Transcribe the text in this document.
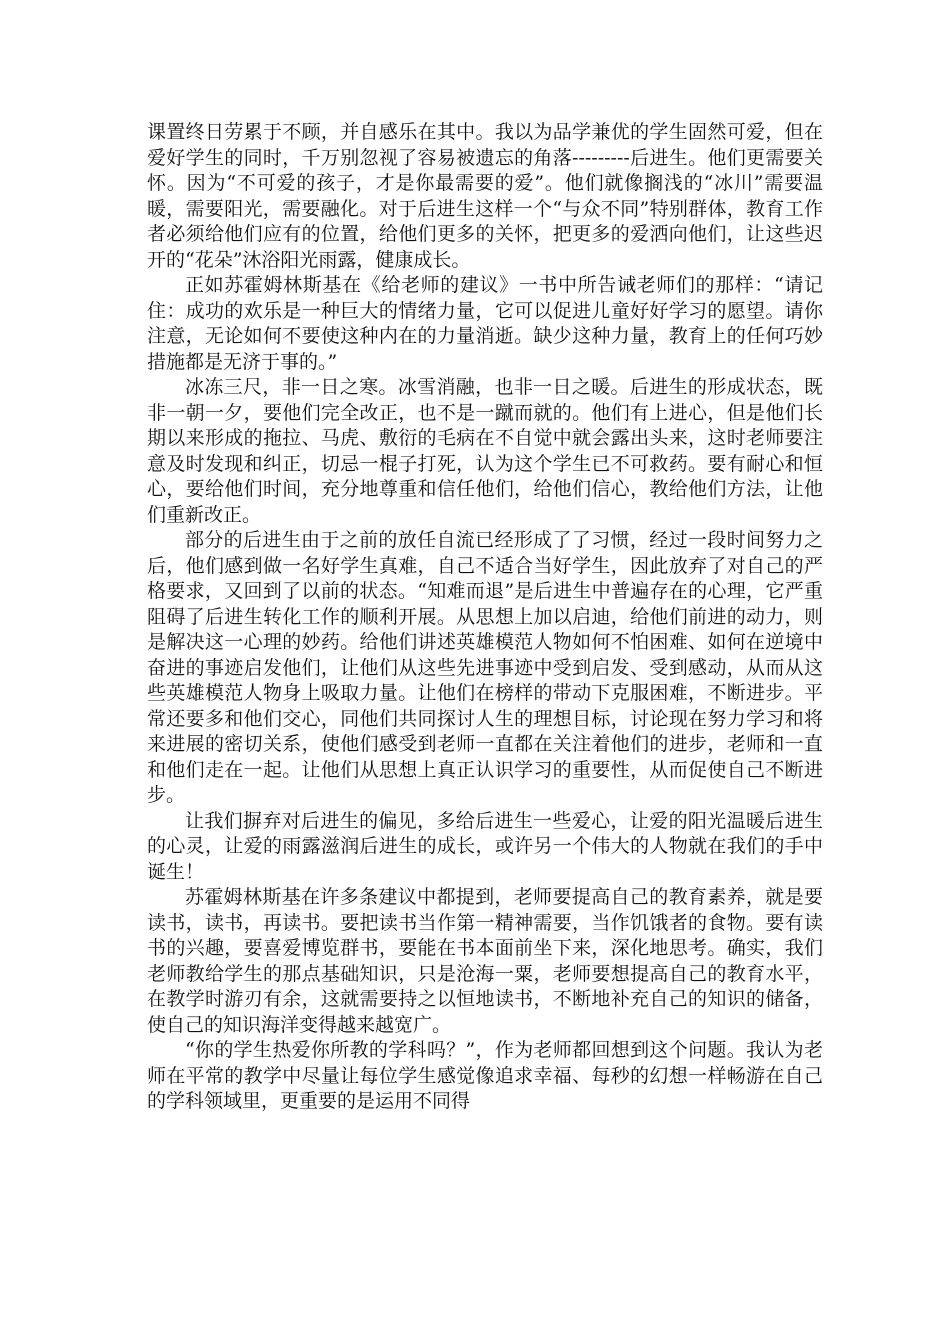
课置终日劳累于不顾，并自感乐在其中。我以为品学兼优的学生固然可爱，但在爱好学生的同时，千万别忽视了容易被遗忘的角落---------后进生。他们更需要关怀。因为“不可爱的孩子，才是你最需要的爱”。他们就像搁浅的“冰川”需要温暖，需要阳光，需要融化。对于后进生这样一个“与众不同”特别群体，教育工作者必须给他们应有的位置，给他们更多的关怀，把更多的爱洒向他们，让这些迟开的“花朵”沐浴阳光雨露，健康成长。

正如苏霍姆林斯基在《给老师的建议》一书中所告诫老师们的那样：“请记住：成功的欢乐是一种巨大的情绪力量，它可以促进儿童好好学习的愿望。请你注意，无论如何不要使这种内在的力量消逝。缺少这种力量，教育上的任何巧妙措施都是无济于事的。”

冰冻三尺，非一日之寒。冰雪消融，也非一日之暖。后进生的形成状态，既非一朝一夕，要他们完全改正，也不是一蹴而就的。他们有上进心，但是他们长期以来形成的拖拉、马虎、敷衍的毛病在不自觉中就会露出头来，这时老师要注意及时发现和纠正，切忌一棍子打死，认为这个学生已不可救药。要有耐心和恒心，要给他们时间，充分地尊重和信任他们，给他们信心，教给他们方法，让他们重新改正。

部分的后进生由于之前的放任自流已经形成了了习惯，经过一段时间努力之后，他们感到做一名好学生真难，自己不适合当好学生，因此放弃了对自己的严格要求，又回到了以前的状态。“知难而退”是后进生中普遍存在的心理，它严重阻碍了后进生转化工作的顺利开展。从思想上加以启迪，给他们前进的动力，则是解决这一心理的妙药。给他们讲述英雄模范人物如何不怕困难、如何在逆境中奋进的事迹启发他们，让他们从这些先进事迹中受到启发、受到感动，从而从这些英雄模范人物身上吸取力量。让他们在榜样的带动下克服困难，不断进步。平常还要多和他们交心，同他们共同探讨人生的理想目标，讨论现在努力学习和将来进展的密切关系，使他们感受到老师一直都在关注着他们的进步，老师和一直和他们走在一起。让他们从思想上真正认识学习的重要性，从而促使自己不断进步。

让我们摒弃对后进生的偏见，多给后进生一些爱心，让爱的阳光温暖后进生的心灵，让爱的雨露滋润后进生的成长，或许另一个伟大的人物就在我们的手中诞生！

苏霍姆林斯基在许多条建议中都提到，老师要提高自己的教育素养，就是要读书，读书，再读书。要把读书当作第一精神需要，当作饥饿者的食物。要有读书的兴趣，要喜爱博览群书，要能在书本面前坐下来，深化地思考。确实，我们老师教给学生的那点基础知识，只是沧海一粟，老师要想提高自己的教育水平，在教学时游刃有余，这就需要持之以恒地读书，不断地补充自己的知识的储备，使自己的知识海洋变得越来越宽广。

“你的学生热爱你所教的学科吗？”，作为老师都回想到这个问题。我认为老师在平常的教学中尽量让每位学生感觉像追求幸福、每秒的幻想一样畅游在自己的学科领域里，更重要的是运用不同得
